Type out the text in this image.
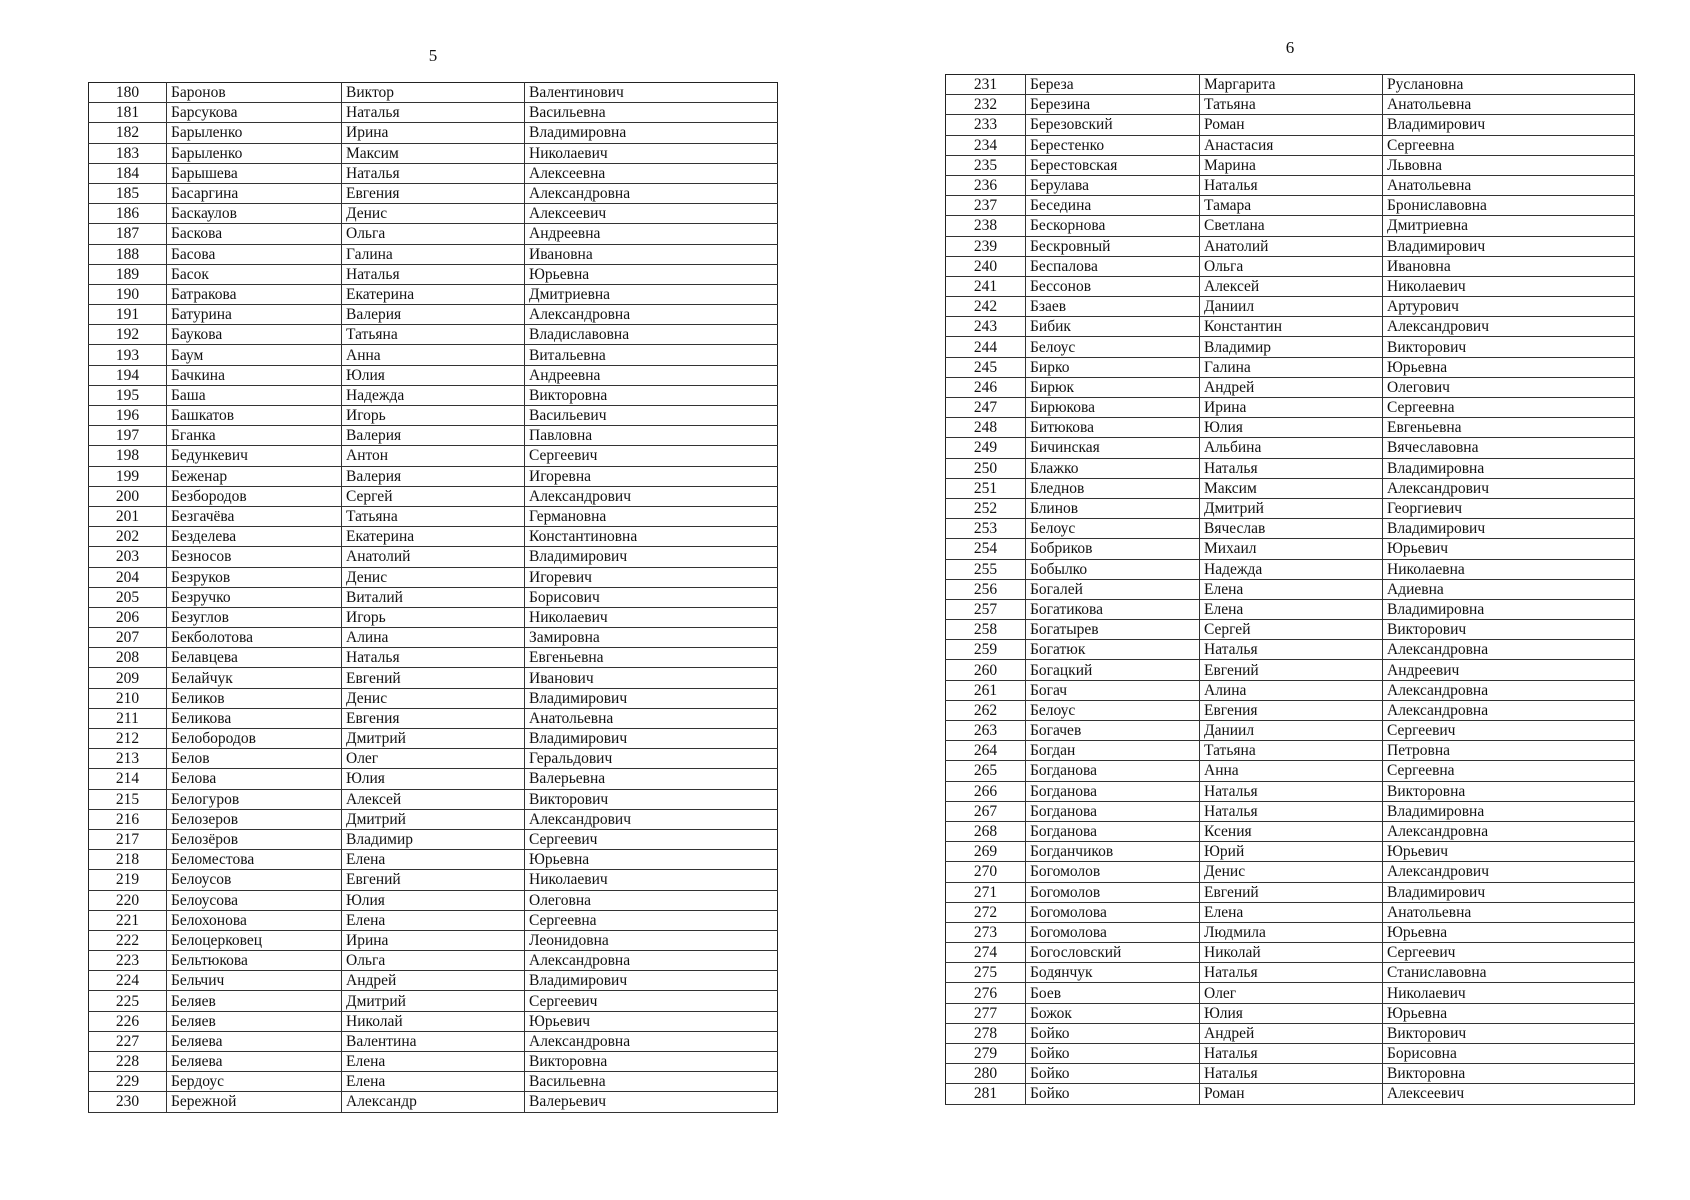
5
180	Баронов	Виктор	Валентинович
181	Барсукова	Наталья	Васильевна
182	Барыленко	Ирина	Владимировна
183	Барыленко	Максим	Николаевич
184	Барышева	Наталья	Алексеевна
185	Басаргина	Евгения	Александровна
186	Баскаулов	Денис	Алексеевич
187	Баскова	Ольга	Андреевна
188	Басова	Галина	Ивановна
189	Басок	Наталья	Юрьевна
190	Батракова	Екатерина	Дмитриевна
191	Батурина	Валерия	Александровна
192	Баукова	Татьяна	Владиславовна
193	Баум	Анна	Витальевна
194	Бачкина	Юлия	Андреевна
195	Баша	Надежда	Викторовна
196	Башкатов	Игорь	Васильевич
197	Бганка	Валерия	Павловна
198	Бедункевич	Антон	Сергеевич
199	Беженар	Валерия	Игоревна
200	Безбородов	Сергей	Александрович
201	Безгачёва	Татьяна	Германовна
202	Безделева	Екатерина	Константиновна
203	Безносов	Анатолий	Владимирович
204	Безруков	Денис	Игоревич
205	Безручко	Виталий	Борисович
206	Безуглов	Игорь	Николаевич
207	Бекболотова	Алина	Замировна
208	Белавцева	Наталья	Евгеньевна
209	Белайчук	Евгений	Иванович
210	Беликов	Денис	Владимирович
211	Беликова	Евгения	Анатольевна
212	Белобородов	Дмитрий	Владимирович
213	Белов	Олег	Геральдович
214	Белова	Юлия	Валерьевна
215	Белогуров	Алексей	Викторович
216	Белозеров	Дмитрий	Александрович
217	Белозёров	Владимир	Сергеевич
218	Беломестова	Елена	Юрьевна
219	Белоусов	Евгений	Николаевич
220	Белоусова	Юлия	Олеговна
221	Белохонова	Елена	Сергеевна
222	Белоцерковец	Ирина	Леонидовна
223	Бельтюкова	Ольга	Александровна
224	Бельчич	Андрей	Владимирович
225	Беляев	Дмитрий	Сергеевич
226	Беляев	Николай	Юрьевич
227	Беляева	Валентина	Александровна
228	Беляева	Елена	Викторовна
229	Бердоус	Елена	Васильевна
230	Бережной	Александр	Валерьевич
6
231	Береза	Маргарита	Руслановна
232	Березина	Татьяна	Анатольевна
233	Березовский	Роман	Владимирович
234	Берестенко	Анастасия	Сергеевна
235	Берестовская	Марина	Львовна
236	Берулава	Наталья	Анатольевна
237	Беседина	Тамара	Брониславовна
238	Бескорнова	Светлана	Дмитриевна
239	Бескровный	Анатолий	Владимирович
240	Беспалова	Ольга	Ивановна
241	Бессонов	Алексей	Николаевич
242	Бзаев	Даниил	Артурович
243	Бибик	Константин	Александрович
244	Белоус	Владимир	Викторович
245	Бирко	Галина	Юрьевна
246	Бирюк	Андрей	Олегович
247	Бирюкова	Ирина	Сергеевна
248	Битюкова	Юлия	Евгеньевна
249	Бичинская	Альбина	Вячеславовна
250	Блажко	Наталья	Владимировна
251	Бледнов	Максим	Александрович
252	Блинов	Дмитрий	Георгиевич
253	Белоус	Вячеслав	Владимирович
254	Бобриков	Михаил	Юрьевич
255	Бобылко	Надежда	Николаевна
256	Богалей	Елена	Адиевна
257	Богатикова	Елена	Владимировна
258	Богатырев	Сергей	Викторович
259	Богатюк	Наталья	Александровна
260	Богацкий	Евгений	Андреевич
261	Богач	Алина	Александровна
262	Белоус	Евгения	Александровна
263	Богачев	Даниил	Сергеевич
264	Богдан	Татьяна	Петровна
265	Богданова	Анна	Сергеевна
266	Богданова	Наталья	Викторовна
267	Богданова	Наталья	Владимировна
268	Богданова	Ксения	Александровна
269	Богданчиков	Юрий	Юрьевич
270	Богомолов	Денис	Александрович
271	Богомолов	Евгений	Владимирович
272	Богомолова	Елена	Анатольевна
273	Богомолова	Людмила	Юрьевна
274	Богословский	Николай	Сергеевич
275	Бодянчук	Наталья	Станиславовна
276	Боев	Олег	Николаевич
277	Божок	Юлия	Юрьевна
278	Бойко	Андрей	Викторович
279	Бойко	Наталья	Борисовна
280	Бойко	Наталья	Викторовна
281	Бойко	Роман	Алексеевич
